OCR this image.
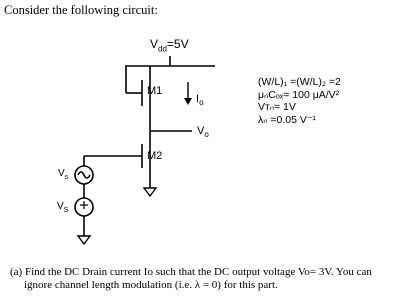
Consider the following circuit:
$V_{dd}=5V$
M1
M2
$I_o$
$V_o$
$V_s$
$V_S$
(W/L)₁ =(W/L)₂ =2
μₙCₒₓ= 100 μA/V²
Vᴛₙ= 1V
λₙ =0.05 V⁻¹
(a) Find the DC Drain current Io such that the DC output voltage Vo= 3V. You can
ignore channel length modulation (i.e. λ = 0) for this part.
